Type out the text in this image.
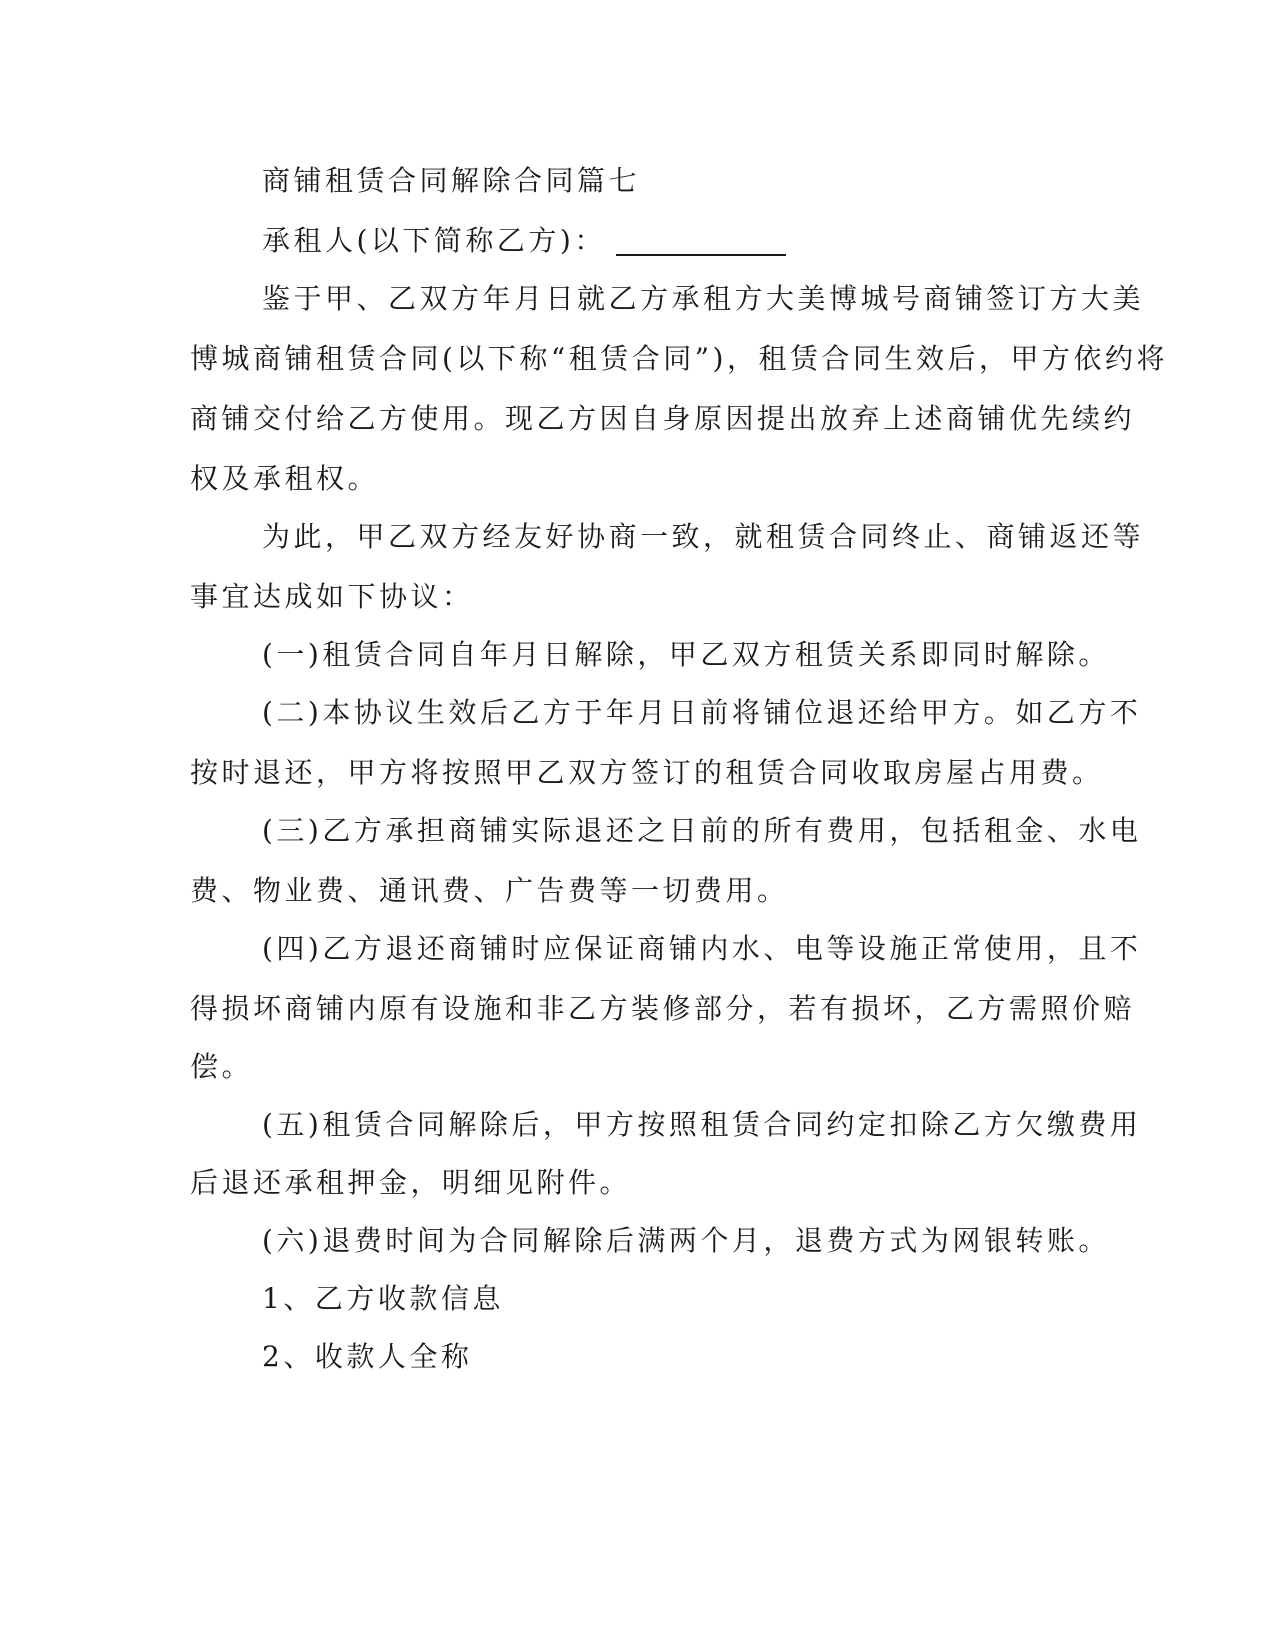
商铺租赁合同解除合同篇七

承租人(以下简称乙方)：

鉴于甲、乙双方年月日就乙方承租方大美博城号商铺签订方大美

博城商铺租赁合同(以下称“租赁合同”)，租赁合同生效后，甲方依约将

商铺交付给乙方使用。现乙方因自身原因提出放弃上述商铺优先续约

权及承租权。

为此，甲乙双方经友好协商一致，就租赁合同终止、商铺返还等

事宜达成如下协议：

(一)租赁合同自年月日解除，甲乙双方租赁关系即同时解除。

(二)本协议生效后乙方于年月日前将铺位退还给甲方。如乙方不

按时退还，甲方将按照甲乙双方签订的租赁合同收取房屋占用费。

(三)乙方承担商铺实际退还之日前的所有费用，包括租金、水电

费、物业费、通讯费、广告费等一切费用。

(四)乙方退还商铺时应保证商铺内水、电等设施正常使用，且不

得损坏商铺内原有设施和非乙方装修部分，若有损坏，乙方需照价赔

偿。

(五)租赁合同解除后，甲方按照租赁合同约定扣除乙方欠缴费用

后退还承租押金，明细见附件。

(六)退费时间为合同解除后满两个月，退费方式为网银转账。

1、乙方收款信息

2、收款人全称
